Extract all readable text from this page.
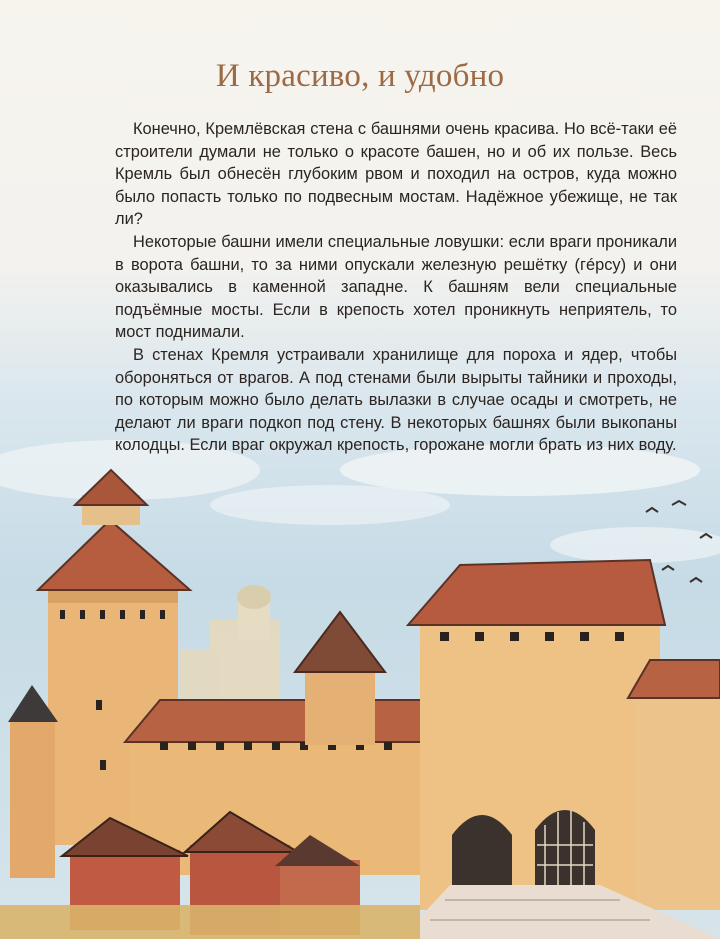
И красиво, и удобно

Конечно, Кремлёвская стена с башнями очень красива. Но всё-таки её строители думали не только о красоте башен, но и об их пользе. Весь Кремль был обнесён глубоким рвом и походил на остров, куда можно было попасть только по подвесным мостам. Надёжное убежище, не так ли?

Некоторые башни имели специальные ловушки: если враги проникали в ворота башни, то за ними опускали железную решётку (гéрсу) и они оказывались в каменной западне. К башням вели специальные подъёмные мосты. Если в крепость хотел проникнуть неприятель, то мост поднимали.

В стенах Кремля устраивали хранилище для пороха и ядер, чтобы обороняться от врагов. А под стенами были вырыты тайники и проходы, по которым можно было делать вылазки в случае осады и смотреть, не делают ли враги подкоп под стену. В некоторых башнях были выкопаны колодцы. Если враг окружал крепость, горожане могли брать из них воду.
